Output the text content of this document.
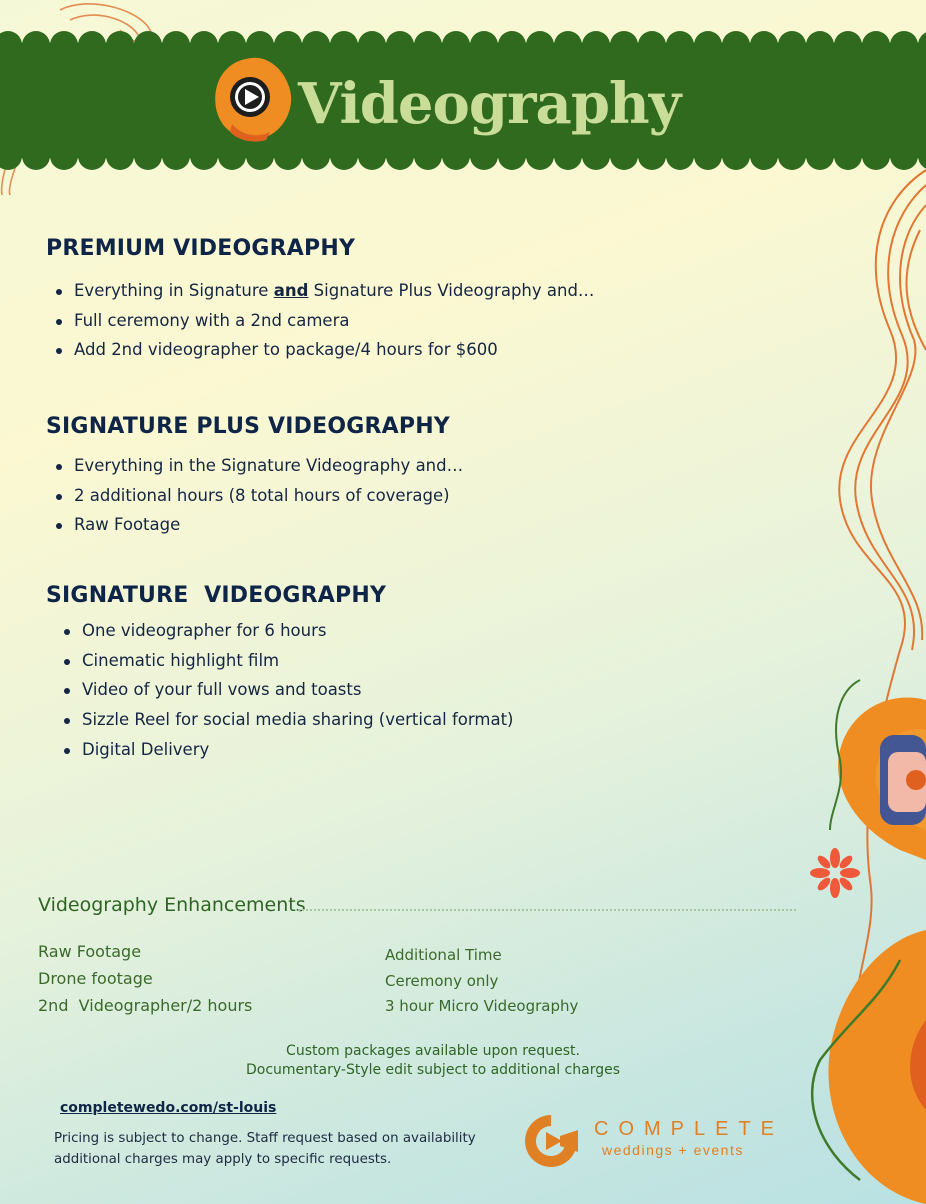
Videography
PREMIUM VIDEOGRAPHY
Everything in Signature and Signature Plus Videography and…
Full ceremony with a 2nd camera
Add 2nd videographer to package/4 hours for $600
SIGNATURE PLUS VIDEOGRAPHY
Everything in the Signature Videography and…
2 additional hours (8 total hours of coverage)
Raw Footage
SIGNATURE  VIDEOGRAPHY
One videographer for 6 hours
Cinematic highlight film
Video of your full vows and toasts
Sizzle Reel for social media sharing (vertical format)
Digital Delivery
Videography Enhancements
Raw Footage
Drone footage
2nd  Videographer/2 hours
Additional Time
Ceremony only
3 hour Micro Videography
Custom packages available upon request.
Documentary-Style edit subject to additional charges
completewedo.com/st-louis
Pricing is subject to change. Staff request based on availability
additional charges may apply to specific requests.
COMPLETE
weddings + events
